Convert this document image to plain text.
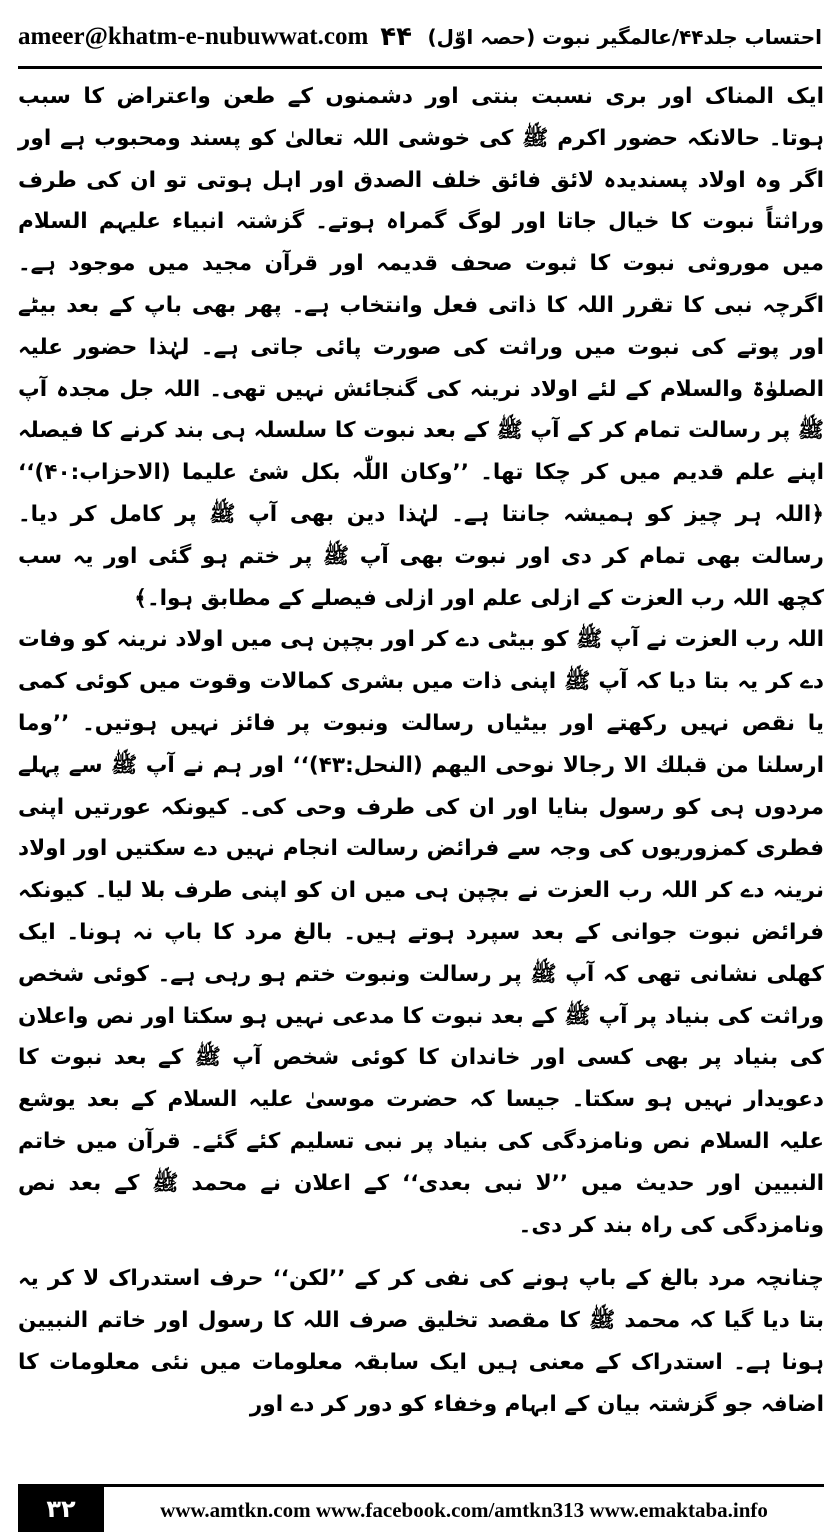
ameer@khatm-e-nubuwwat.com ۴۴ احتساب جلد۴۴/عالمگیر نبوت (حصہ اوّل)

ایک المناک اور بری نسبت بنتی اور دشمنوں کے طعن واعتراض کا سبب ہوتا۔ حالانکہ حضور اکرم ﷺ کی خوشی اللہ تعالیٰ کو پسند ومحبوب ہے اور اگر وہ اولاد پسندیدہ لائق فائق خلف الصدق اور اہل ہوتی تو ان کی طرف وراثتاً نبوت کا خیال جاتا اور لوگ گمراہ ہوتے۔ گزشتہ انبیاء علیہم السلام میں موروثی نبوت کا ثبوت صحف قدیمہ اور قرآن مجید میں موجود ہے۔ اگرچہ نبی کا تقرر اللہ کا ذاتی فعل وانتخاب ہے۔ پھر بھی باپ کے بعد بیٹے اور پوتے کی نبوت میں وراثت کی صورت پائی جاتی ہے۔ لہٰذا حضور علیہ الصلوٰۃ والسلام کے لئے اولاد نرینہ کی گنجائش نہیں تھی۔ اللہ جل مجدہ آپ ﷺ پر رسالت تمام کر کے آپ ﷺ کے بعد نبوت کا سلسلہ ہی بند کرنے کا فیصلہ اپنے علم قدیم میں کر چکا تھا۔ ’’وکان اللّٰہ بکل شئ علیما (الاحزاب:۴۰)‘‘ ﴿اللہ ہر چیز کو ہمیشہ جانتا ہے۔ لہٰذا دین بھی آپ ﷺ پر کامل کر دیا۔ رسالت بھی تمام کر دی اور نبوت بھی آپ ﷺ پر ختم ہو گئی اور یہ سب کچھ اللہ رب العزت کے ازلی علم اور ازلی فیصلے کے مطابق ہوا۔﴾

اللہ رب العزت نے آپ ﷺ کو بیٹی دے کر اور بچپن ہی میں اولاد نرینہ کو وفات دے کر یہ بتا دیا کہ آپ ﷺ اپنی ذات میں بشری کمالات وقوت میں کوئی کمی یا نقص نہیں رکھتے اور بیٹیاں رسالت ونبوت پر فائز نہیں ہوتیں۔ ’’وما ارسلنا من قبلك الا رجالا نوحی الیھم (النحل:۴۳)‘‘ اور ہم نے آپ ﷺ سے پہلے مردوں ہی کو رسول بنایا اور ان کی طرف وحی کی۔ کیونکہ عورتیں اپنی فطری کمزوریوں کی وجہ سے فرائض رسالت انجام نہیں دے سکتیں اور اولاد نرینہ دے کر اللہ رب العزت نے بچپن ہی میں ان کو اپنی طرف بلا لیا۔ کیونکہ فرائض نبوت جوانی کے بعد سپرد ہوتے ہیں۔ بالغ مرد کا باپ نہ ہونا۔ ایک کھلی نشانی تھی کہ آپ ﷺ پر رسالت ونبوت ختم ہو رہی ہے۔ کوئی شخص وراثت کی بنیاد پر آپ ﷺ کے بعد نبوت کا مدعی نہیں ہو سکتا اور نص واعلان کی بنیاد پر بھی کسی اور خاندان کا کوئی شخص آپ ﷺ کے بعد نبوت کا دعویدار نہیں ہو سکتا۔ جیسا کہ حضرت موسیٰ علیہ السلام کے بعد یوشع علیہ السلام نص ونامزدگی کی بنیاد پر نبی تسلیم کئے گئے۔ قرآن میں خاتم النبیین اور حدیث میں ’’لا نبی بعدی‘‘ کے اعلان نے محمد ﷺ کے بعد نص ونامزدگی کی راہ بند کر دی۔

چنانچہ مرد بالغ کے باپ ہونے کی نفی کر کے ’’لکن‘‘ حرف استدراک لا کر یہ بتا دیا گیا کہ محمد ﷺ کا مقصد تخلیق صرف اللہ کا رسول اور خاتم النبیین ہونا ہے۔ استدراک کے معنی ہیں ایک سابقہ معلومات میں نئی معلومات کا اضافہ جو گزشتہ بیان کے ابہام وخفاء کو دور کر دے اور

۳۲	www.amtkn.com www.facebook.com/amtkn313 www.emaktaba.info
